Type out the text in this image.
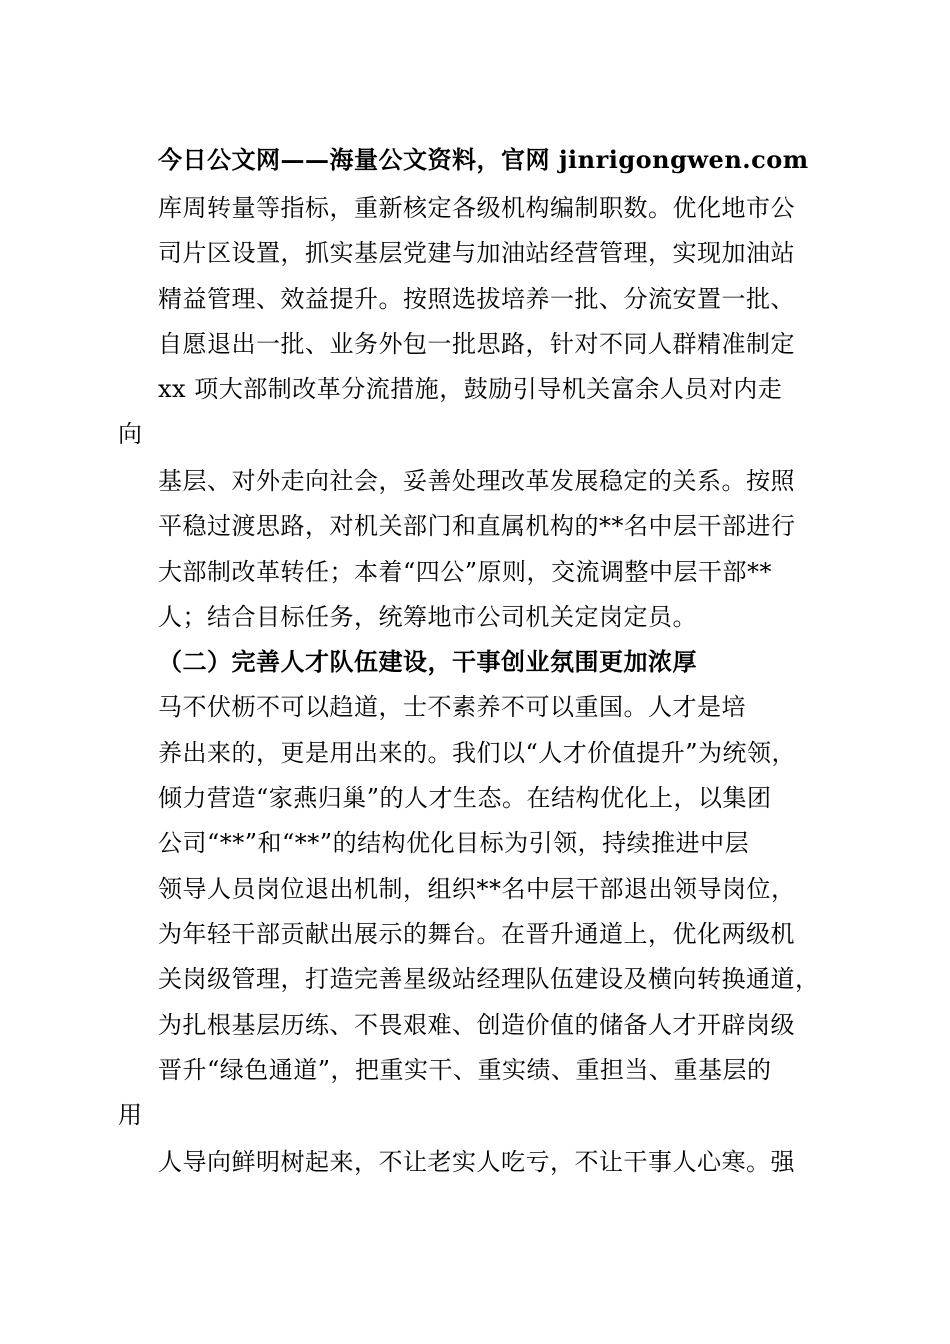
今日公文网——海量公文资料，官网 jinrigongwen.com
库周转量等指标，重新核定各级机构编制职数。优化地市公
司片区设置，抓实基层党建与加油站经营管理，实现加油站
精益管理、效益提升。按照选拔培养一批、分流安置一批、
自愿退出一批、业务外包一批思路，针对不同人群精准制定
xx 项大部制改革分流措施，鼓励引导机关富余人员对内走
向
基层、对外走向社会，妥善处理改革发展稳定的关系。按照
平稳过渡思路，对机关部门和直属机构的**名中层干部进行
大部制改革转任；本着“四公”原则，交流调整中层干部**
人；结合目标任务，统筹地市公司机关定岗定员。
（二）完善人才队伍建设，干事创业氛围更加浓厚
马不伏枥不可以趋道，士不素养不可以重国。人才是培
养出来的，更是用出来的。我们以“人才价值提升”为统领，
倾力营造“家燕归巢”的人才生态。在结构优化上，以集团
公司“**”和“**”的结构优化目标为引领，持续推进中层
领导人员岗位退出机制，组织**名中层干部退出领导岗位，
为年轻干部贡献出展示的舞台。在晋升通道上，优化两级机
关岗级管理，打造完善星级站经理队伍建设及横向转换通道，
为扎根基层历练、不畏艰难、创造价值的储备人才开辟岗级
晋升“绿色通道”，把重实干、重实绩、重担当、重基层的
用
人导向鲜明树起来，不让老实人吃亏，不让干事人心寒。强
